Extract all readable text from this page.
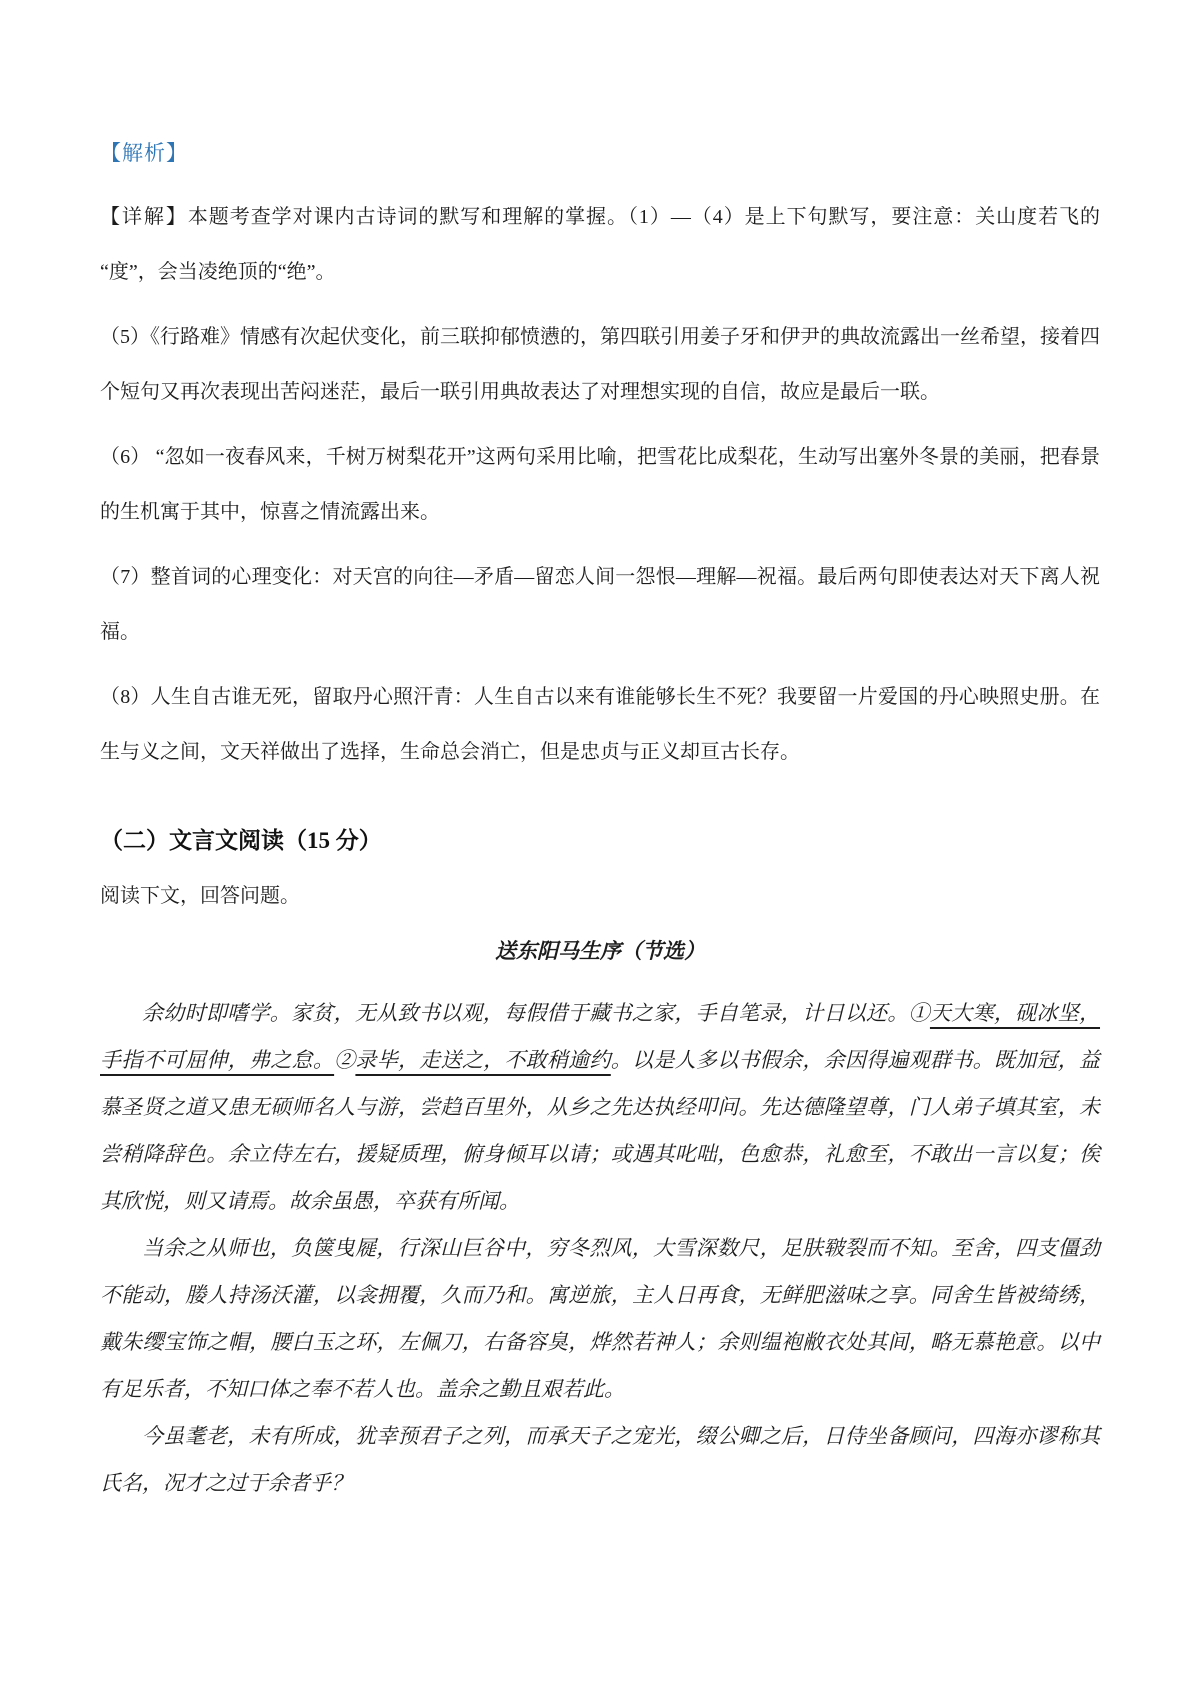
【解析】

【详解】本题考查学对课内古诗词的默写和理解的掌握。（1）—（4）是上下句默写，要注意：关山度若飞的“度”，会当凌绝顶的“绝”。

（5）《行路难》情感有次起伏变化，前三联抑郁愤懑的，第四联引用姜子牙和伊尹的典故流露出一丝希望，接着四个短句又再次表现出苦闷迷茫，最后一联引用典故表达了对理想实现的自信，故应是最后一联。

（6） “忽如一夜春风来，千树万树梨花开”这两句采用比喻，把雪花比成梨花，生动写出塞外冬景的美丽，把春景的生机寓于其中，惊喜之情流露出来。

（7）整首词的心理变化：对天宫的向往—矛盾—留恋人间一怨恨—理解—祝福。最后两句即使表达对天下离人祝福。

（8）人生自古谁无死，留取丹心照汗青：人生自古以来有谁能够长生不死？我要留一片爱国的丹心映照史册。在生与义之间，文天祥做出了选择，生命总会消亡，但是忠贞与正义却亘古长存。

（二）文言文阅读（15 分）

阅读下文，回答问题。

送东阳马生序（节选）

余幼时即嗜学。家贫，无从致书以观，每假借于藏书之家，手自笔录，计日以还。①天大寒，砚冰坚，手指不可屈伸，弗之怠。②录毕，走送之，不敢稍逾约。以是人多以书假余，余因得遍观群书。既加冠，益慕圣贤之道又患无硕师名人与游，尝趋百里外，从乡之先达执经叩问。先达德隆望尊，门人弟子填其室，未尝稍降辞色。余立侍左右，援疑质理，俯身倾耳以请；或遇其叱咄，色愈恭，礼愈至，不敢出一言以复；俟其欣悦，则又请焉。故余虽愚，卒获有所闻。

当余之从师也，负箧曳屣，行深山巨谷中，穷冬烈风，大雪深数尺，足肤皲裂而不知。至舍，四支僵劲不能动，媵人持汤沃灌，以衾拥覆，久而乃和。寓逆旅，主人日再食，无鲜肥滋味之享。同舍生皆被绮绣，戴朱缨宝饰之帽，腰白玉之环，左佩刀，右备容臭，烨然若神人；余则缊袍敝衣处其间，略无慕艳意。以中有足乐者，不知口体之奉不若人也。盖余之勤且艰若此。

今虽耄老，未有所成，犹幸预君子之列，而承天子之宠光，缀公卿之后，日侍坐备顾问，四海亦谬称其氏名，况才之过于余者乎？
